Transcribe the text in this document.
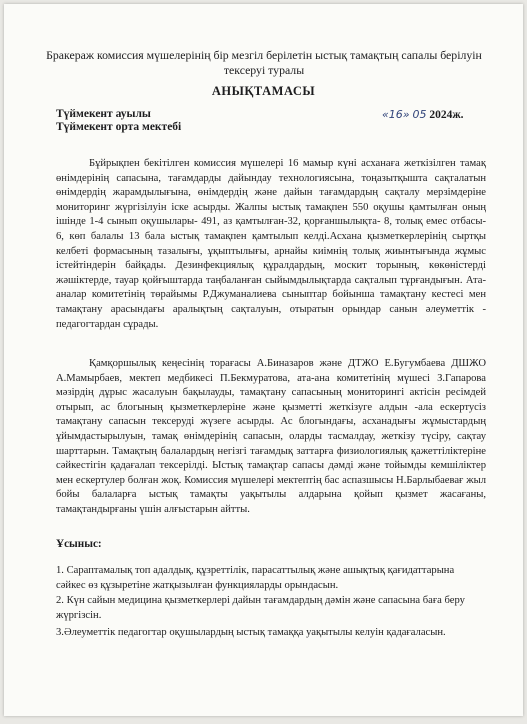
Бракераж комиссия мүшелерінің бір мезгіл берілетін ыстық тамақтың сапалы берілуін тексеруі туралы
АНЫҚТАМАСЫ
Түймекент ауылы
Түймекент орта мектебі
«16» 05 2024ж.
Бұйрықпен бекітілген комиссия мүшелері 16 мамыр күні асханаға жеткізілген тамақ өнімдерінің сапасына, тағамдарды дайындау технологиясына, тоңазытқышта сақталатын өнімдердің жарамдылығына, өнімдердің және дайын тағамдардың сақталу мерзімдеріне мониторинг жүргізілуін іске асырды. Жалпы ыстық тамақпен 550 оқушы қамтылған оның ішінде 1-4 сынып оқушылары- 491, аз қамтылған-32, қорғаншылықта- 8, толық емес отбасы- 6, көп балалы 13 бала ыстық тамақпен қамтылып келді.Асхана қызметкерлерінің сыртқы келбеті формасының тазалығы, ұқыптылығы, арнайы киімнің толық жиынтығында жұмыс істейтіндерін байқады. Дезинфекциялық құралдардың, москит торының, көкөністерді жәшіктерде, тауар қойғыштарда таңбаланған сыйымдылықтарда сақталып тұрғандығын. Ата-аналар комитетінің төрайымы Р.Джуманалиева сыныптар бойынша тамақтану кестесі мен тамақтану арасындағы аралықтың сақталуын, отыратын орындар санын әлеуметтік - педагогтардан сұрады.
Қамқоршылық кеңесінің торағасы А.Биназаров және ДТЖО Е.Бугумбаева ДШЖО А.Мамырбаев, мектеп медбикесі П.Бекмуратова, ата-ана комитетінің мүшесі З.Гапарова мәзірдің дұрыс жасалуын бақылауды, тамақтану сапасының мониторингі актісін ресімдей отырып, ас блогының қызметкерлеріне және қызметті жеткізуге алдын -ала ескертусіз тамақтану сапасын тексеруді жүзеге асырды. Ас блогындағы, асханадығы жұмыстардың ұйымдастырылуын, тамақ өнімдерінің сапасын, оларды тасмалдау, жеткізу түсіру, сақтау шарттарын. Тамақтың балалардың негізгі тағамдық заттарға физиологиялық қажеттіліктеріне сәйкестігін қадағалап тексерілді. Ыстық тамақтар сапасы дәмді және тойымды кемшіліктер мен ескертулер болған жоқ. Комиссия мүшелері мектептің бас аспазшысы Н.Барлыбаевағ жыл бойы балаларға ыстық тамақты уақытылы алдарына қойып қызмет жасағаны, тамақтандырғаны үшін алғыстарын айтты.
Ұсыныс:
1. Сараптамалық топ адалдық, құзреттілік, парасаттылық және ашықтық қағидаттарына сәйкес өз құзыретіне жатқызылған функцияларды орындасын.
2. Күн сайын медицина қызметкерлері дайын тағамдардың дәмін және сапасына баға беру жүргізсін.
3.Әлеуметтік педагогтар оқушылардың ыстық тамаққа уақытылы келуін қадағаласын.
